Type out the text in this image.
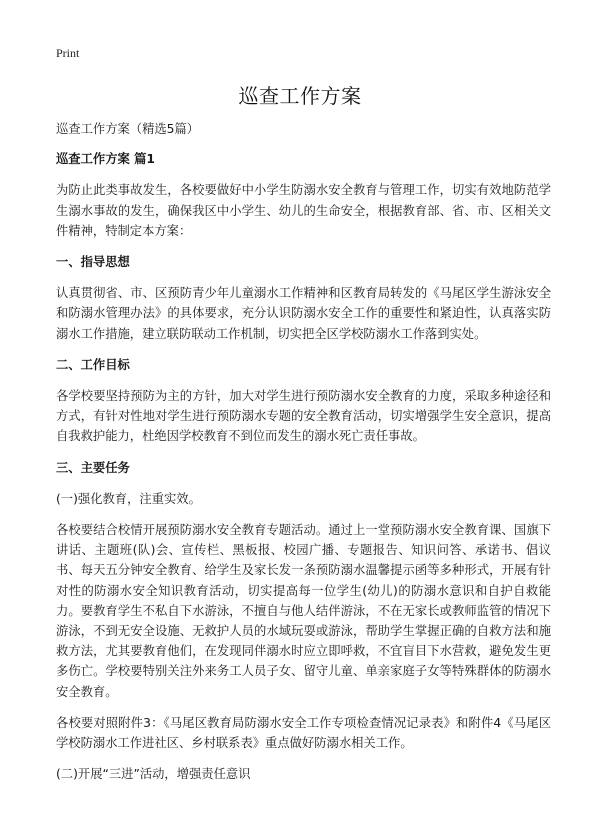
Print
巡查工作方案

巡查工作方案（精选5篇）

巡查工作方案 篇1

为防止此类事故发生，各校要做好中小学生防溺水安全教育与管理工作，切实有效地防范学生溺水事故的发生，确保我区中小学生、幼儿的生命安全，根据教育部、省、市、区相关文件精神，特制定本方案：

一、指导思想

认真贯彻省、市、区预防青少年儿童溺水工作精神和区教育局转发的《马尾区学生游泳安全和防溺水管理办法》的具体要求，充分认识防溺水安全工作的重要性和紧迫性，认真落实防溺水工作措施，建立联防联动工作机制，切实把全区学校防溺水工作落到实处。

二、工作目标

各学校要坚持预防为主的方针，加大对学生进行预防溺水安全教育的力度，采取多种途径和方式，有针对性地对学生进行预防溺水专题的安全教育活动，切实增强学生安全意识，提高自我救护能力，杜绝因学校教育不到位而发生的溺水死亡责任事故。

三、主要任务

(一)强化教育，注重实效。

各校要结合校情开展预防溺水安全教育专题活动。通过上一堂预防溺水安全教育课、国旗下讲话、主题班(队)会、宣传栏、黑板报、校园广播、专题报告、知识问答、承诺书、倡议书、每天五分钟安全教育、给学生及家长发一条预防溺水温馨提示函等多种形式，开展有针对性的防溺水安全知识教育活动，切实提高每一位学生(幼儿)的防溺水意识和自护自救能力。要教育学生不私自下水游泳，不擅自与他人结伴游泳，不在无家长或教师监管的情况下游泳，不到无安全设施、无救护人员的水域玩耍或游泳，帮助学生掌握正确的自救方法和施救方法，尤其要教育他们，在发现同伴溺水时应立即呼救，不宜盲目下水营救，避免发生更多伤亡。学校要特别关注外来务工人员子女、留守儿童、单亲家庭子女等特殊群体的防溺水安全教育。

各校要对照附件3：《马尾区教育局防溺水安全工作专项检查情况记录表》和附件4《马尾区学校防溺水工作进社区、乡村联系表》重点做好防溺水相关工作。

(二)开展“三进”活动，增强责任意识
